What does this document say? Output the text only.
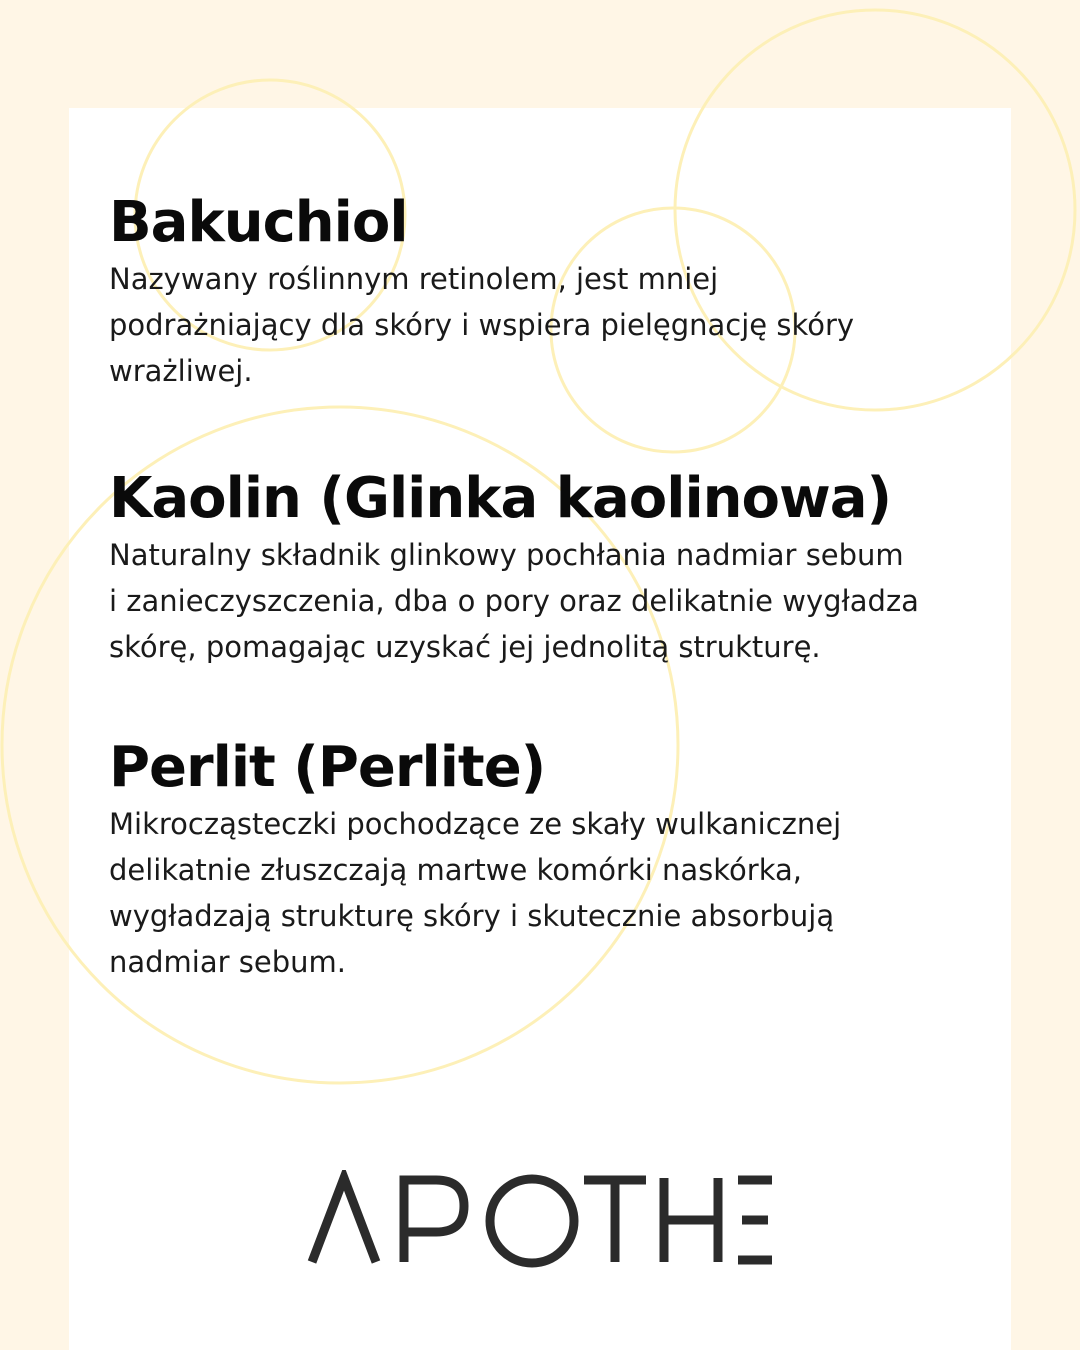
Bakuchiol

Nazywany roślinnym retinolem, jest mniej
podrażniający dla skóry i wspiera pielęgnację skóry
wrażliwej.

Kaolin (Glinka kaolinowa)

Naturalny składnik glinkowy pochłania nadmiar sebum
i zanieczyszczenia, dba o pory oraz delikatnie wygładza
skórę, pomagając uzyskać jej jednolitą strukturę.

Perlit (Perlite)

Mikrocząsteczki pochodzące ze skały wulkanicznej
delikatnie złuszczają martwe komórki naskórka,
wygładzają strukturę skóry i skutecznie absorbują
nadmiar sebum.
